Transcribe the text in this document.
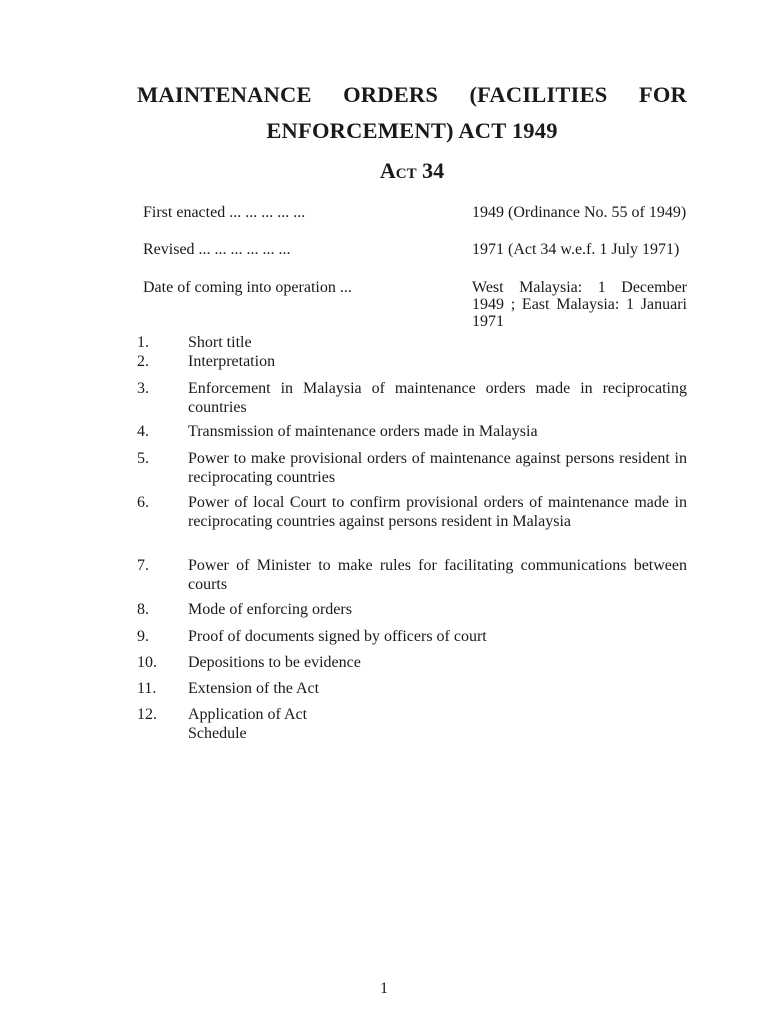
MAINTENANCE ORDERS (FACILITIES FOR
ENFORCEMENT) ACT 1949
Act 34
First enacted ... ... ... ... ...	1949 (Ordinance No. 55 of 1949)
Revised ... ... ... ... ... ...	1971 (Act 34 w.e.f. 1 July 1971)
Date of coming into operation ...	West Malaysia: 1 December 1949 ; East Malaysia: 1 Januari 1971
1.	Short title
2.	Interpretation
3.	Enforcement in Malaysia of maintenance orders made in reciprocating countries
4.	Transmission of maintenance orders made in Malaysia
5.	Power to make provisional orders of maintenance against persons resident in reciprocating countries
6.	Power of local Court to confirm provisional orders of maintenance made in reciprocating countries against persons resident in Malaysia
7.	Power of Minister to make rules for facilitating communications between courts
8.	Mode of enforcing orders
9.	Proof of documents signed by officers of court
10.	Depositions to be evidence
11.	Extension of the Act
12.	Application of Act
Schedule
1
